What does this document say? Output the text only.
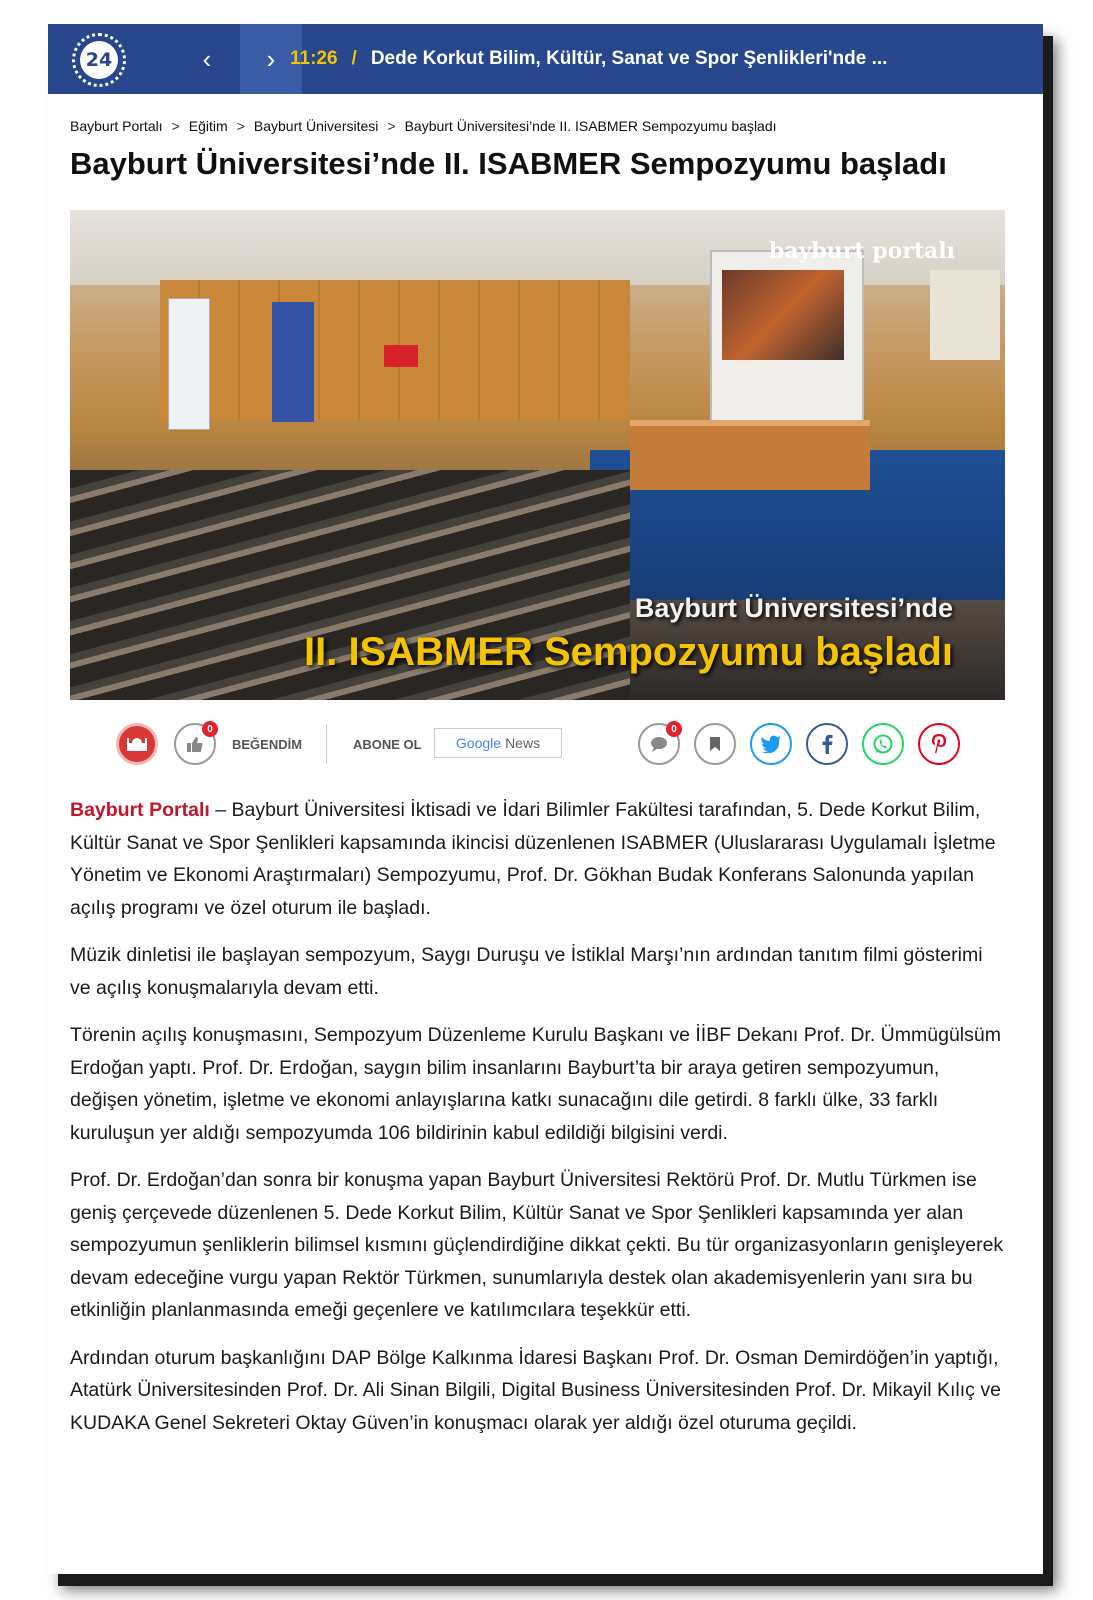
24	‹ › 11:26 / Dede Korkut Bilim, Kültür, Sanat ve Spor Şenlikleri'nde ...
Bayburt Portalı > Eğitim > Bayburt Üniversitesi > Bayburt Üniversitesi’nde II. ISABMER Sempozyumu başladı
Bayburt Üniversitesi’nde II. ISABMER Sempozyumu başladı
bayburt portalı
Bayburt Üniversitesi’nde
II. ISABMER Sempozyumu başladı
0
BEĞENDİM	ABONE OL Google News
0

Bayburt Portalı – Bayburt Üniversitesi İktisadi ve İdari Bilimler Fakültesi tarafından, 5. Dede Korkut Bilim, Kültür Sanat ve Spor Şenlikleri kapsamında ikincisi düzenlenen ISABMER (Uluslararası Uygulamalı İşletme Yönetim ve Ekonomi Araştırmaları) Sempozyumu, Prof. Dr. Gökhan Budak Konferans Salonunda yapılan açılış programı ve özel oturum ile başladı.

Müzik dinletisi ile başlayan sempozyum, Saygı Duruşu ve İstiklal Marşı’nın ardından tanıtım filmi gösterimi ve açılış konuşmalarıyla devam etti.

Törenin açılış konuşmasını, Sempozyum Düzenleme Kurulu Başkanı ve İİBF Dekanı Prof. Dr. Ümmügülsüm Erdoğan yaptı. Prof. Dr. Erdoğan, saygın bilim insanlarını Bayburt’ta bir araya getiren sempozyumun, değişen yönetim, işletme ve ekonomi anlayışlarına katkı sunacağını dile getirdi. 8 farklı ülke, 33 farklı kuruluşun yer aldığı sempozyumda 106 bildirinin kabul edildiği bilgisini verdi.

Prof. Dr. Erdoğan’dan sonra bir konuşma yapan Bayburt Üniversitesi Rektörü Prof. Dr. Mutlu Türkmen ise geniş çerçevede düzenlenen 5. Dede Korkut Bilim, Kültür Sanat ve Spor Şenlikleri kapsamında yer alan sempozyumun şenliklerin bilimsel kısmını güçlendirdiğine dikkat çekti. Bu tür organizasyonların genişleyerek devam edeceğine vurgu yapan Rektör Türkmen, sunumlarıyla destek olan akademisyenlerin yanı sıra bu etkinliğin planlanmasında emeği geçenlere ve katılımcılara teşekkür etti.

Ardından oturum başkanlığını DAP Bölge Kalkınma İdaresi Başkanı Prof. Dr. Osman Demirdöğen’in yaptığı, Atatürk Üniversitesinden Prof. Dr. Ali Sinan Bilgili, Digital Business Üniversitesinden Prof. Dr. Mikayil Kılıç ve KUDAKA Genel Sekreteri Oktay Güven’in konuşmacı olarak yer aldığı özel oturuma geçildi.
